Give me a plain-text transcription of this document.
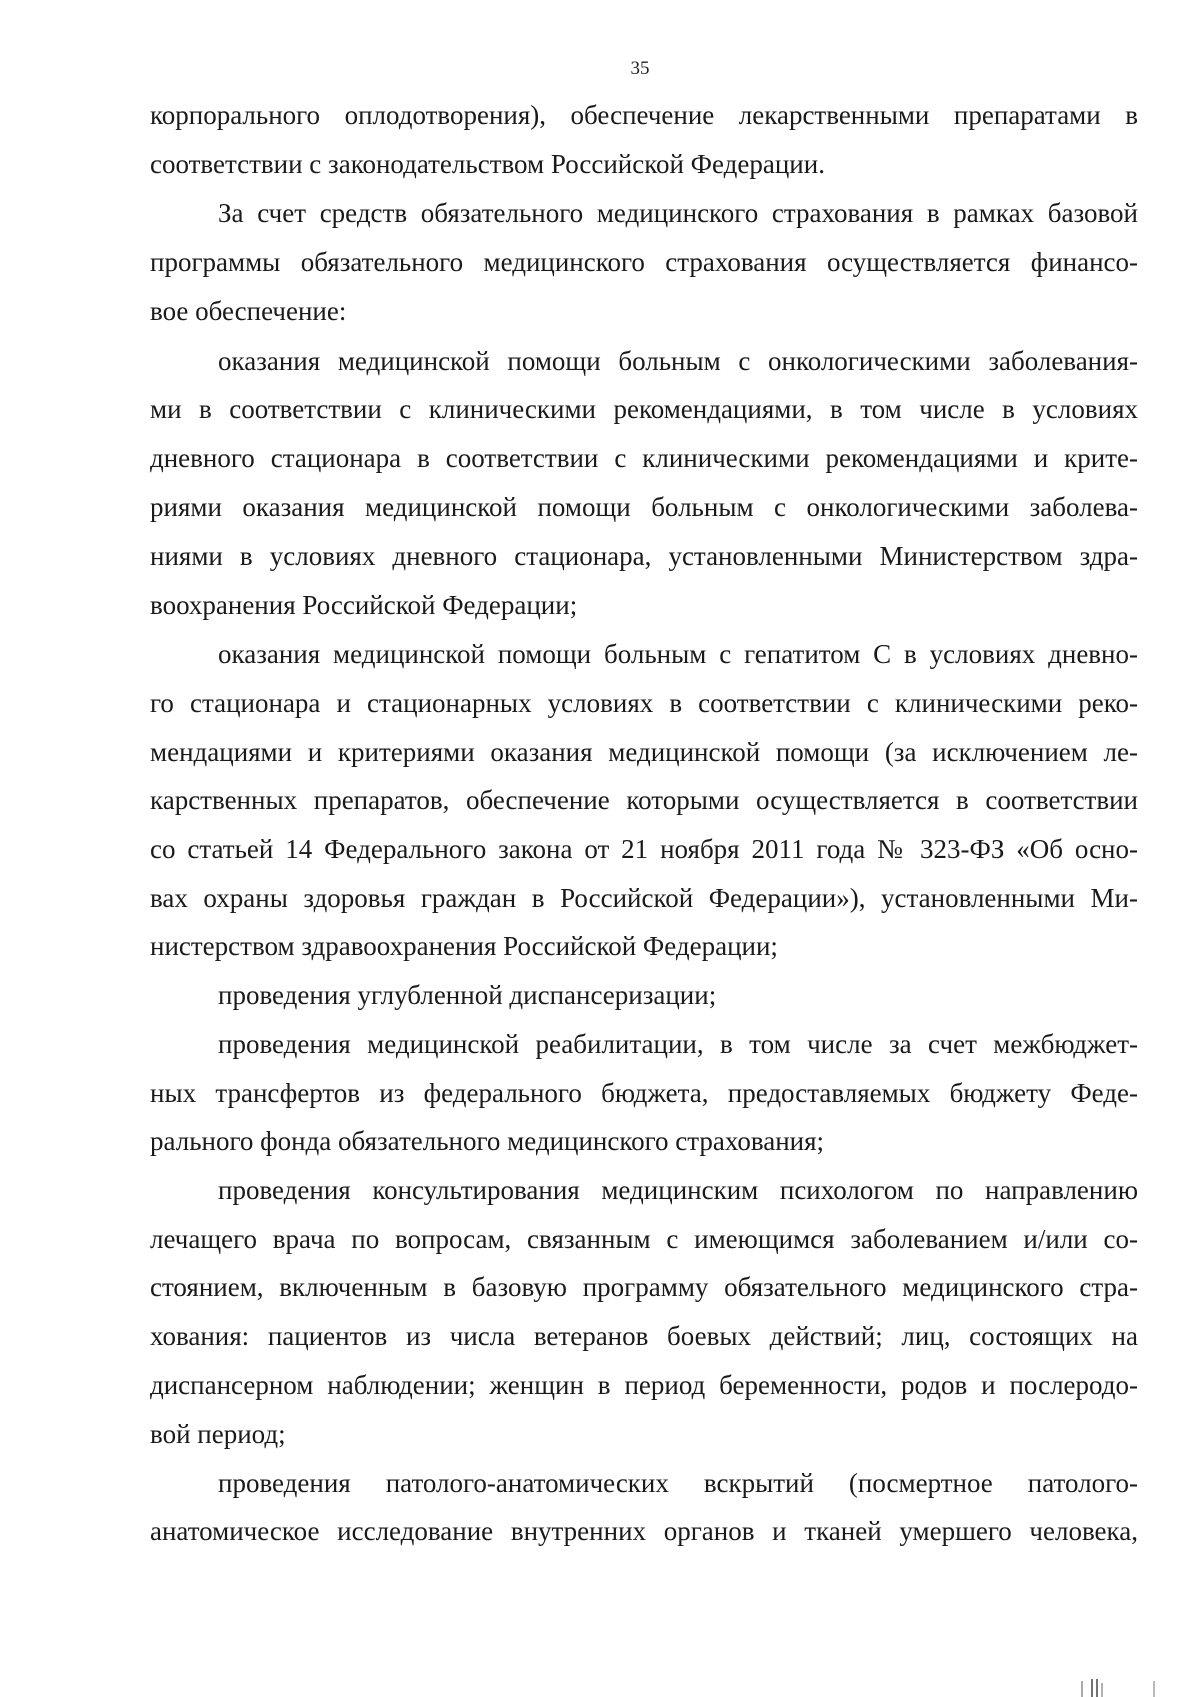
35
корпорального оплодотворения), обеспечение лекарственными препаратами в
соответствии с законодательством Российской Федерации.
За счет средств обязательного медицинского страхования в рамках базовой
программы обязательного медицинского страхования осуществляется финансо-
вое обеспечение:
оказания медицинской помощи больным с онкологическими заболевания-
ми в соответствии с клиническими рекомендациями, в том числе в условиях
дневного стационара в соответствии с клиническими рекомендациями и крите-
риями оказания медицинской помощи больным с онкологическими заболева-
ниями в условиях дневного стационара, установленными Министерством здра-
воохранения Российской Федерации;
оказания медицинской помощи больным с гепатитом С в условиях дневно-
го стационара и стационарных условиях в соответствии с клиническими реко-
мендациями и критериями оказания медицинской помощи (за исключением ле-
карственных препаратов, обеспечение которыми осуществляется в соответствии
со статьей 14 Федерального закона от 21 ноября 2011 года № 323-ФЗ «Об осно-
вах охраны здоровья граждан в Российской Федерации»), установленными Ми-
нистерством здравоохранения Российской Федерации;
проведения углубленной диспансеризации;
проведения медицинской реабилитации, в том числе за счет межбюджет-
ных трансфертов из федерального бюджета, предоставляемых бюджету Феде-
рального фонда обязательного медицинского страхования;
проведения консультирования медицинским психологом по направлению
лечащего врача по вопросам, связанным с имеющимся заболеванием и/или со-
стоянием, включенным в базовую программу обязательного медицинского стра-
хования: пациентов из числа ветеранов боевых действий; лиц, состоящих на
диспансерном наблюдении; женщин в период беременности, родов и послеродо-
вой период;
проведения патолого-анатомических вскрытий (посмертное патолого-
анатомическое исследование внутренних органов и тканей умершего человека,
